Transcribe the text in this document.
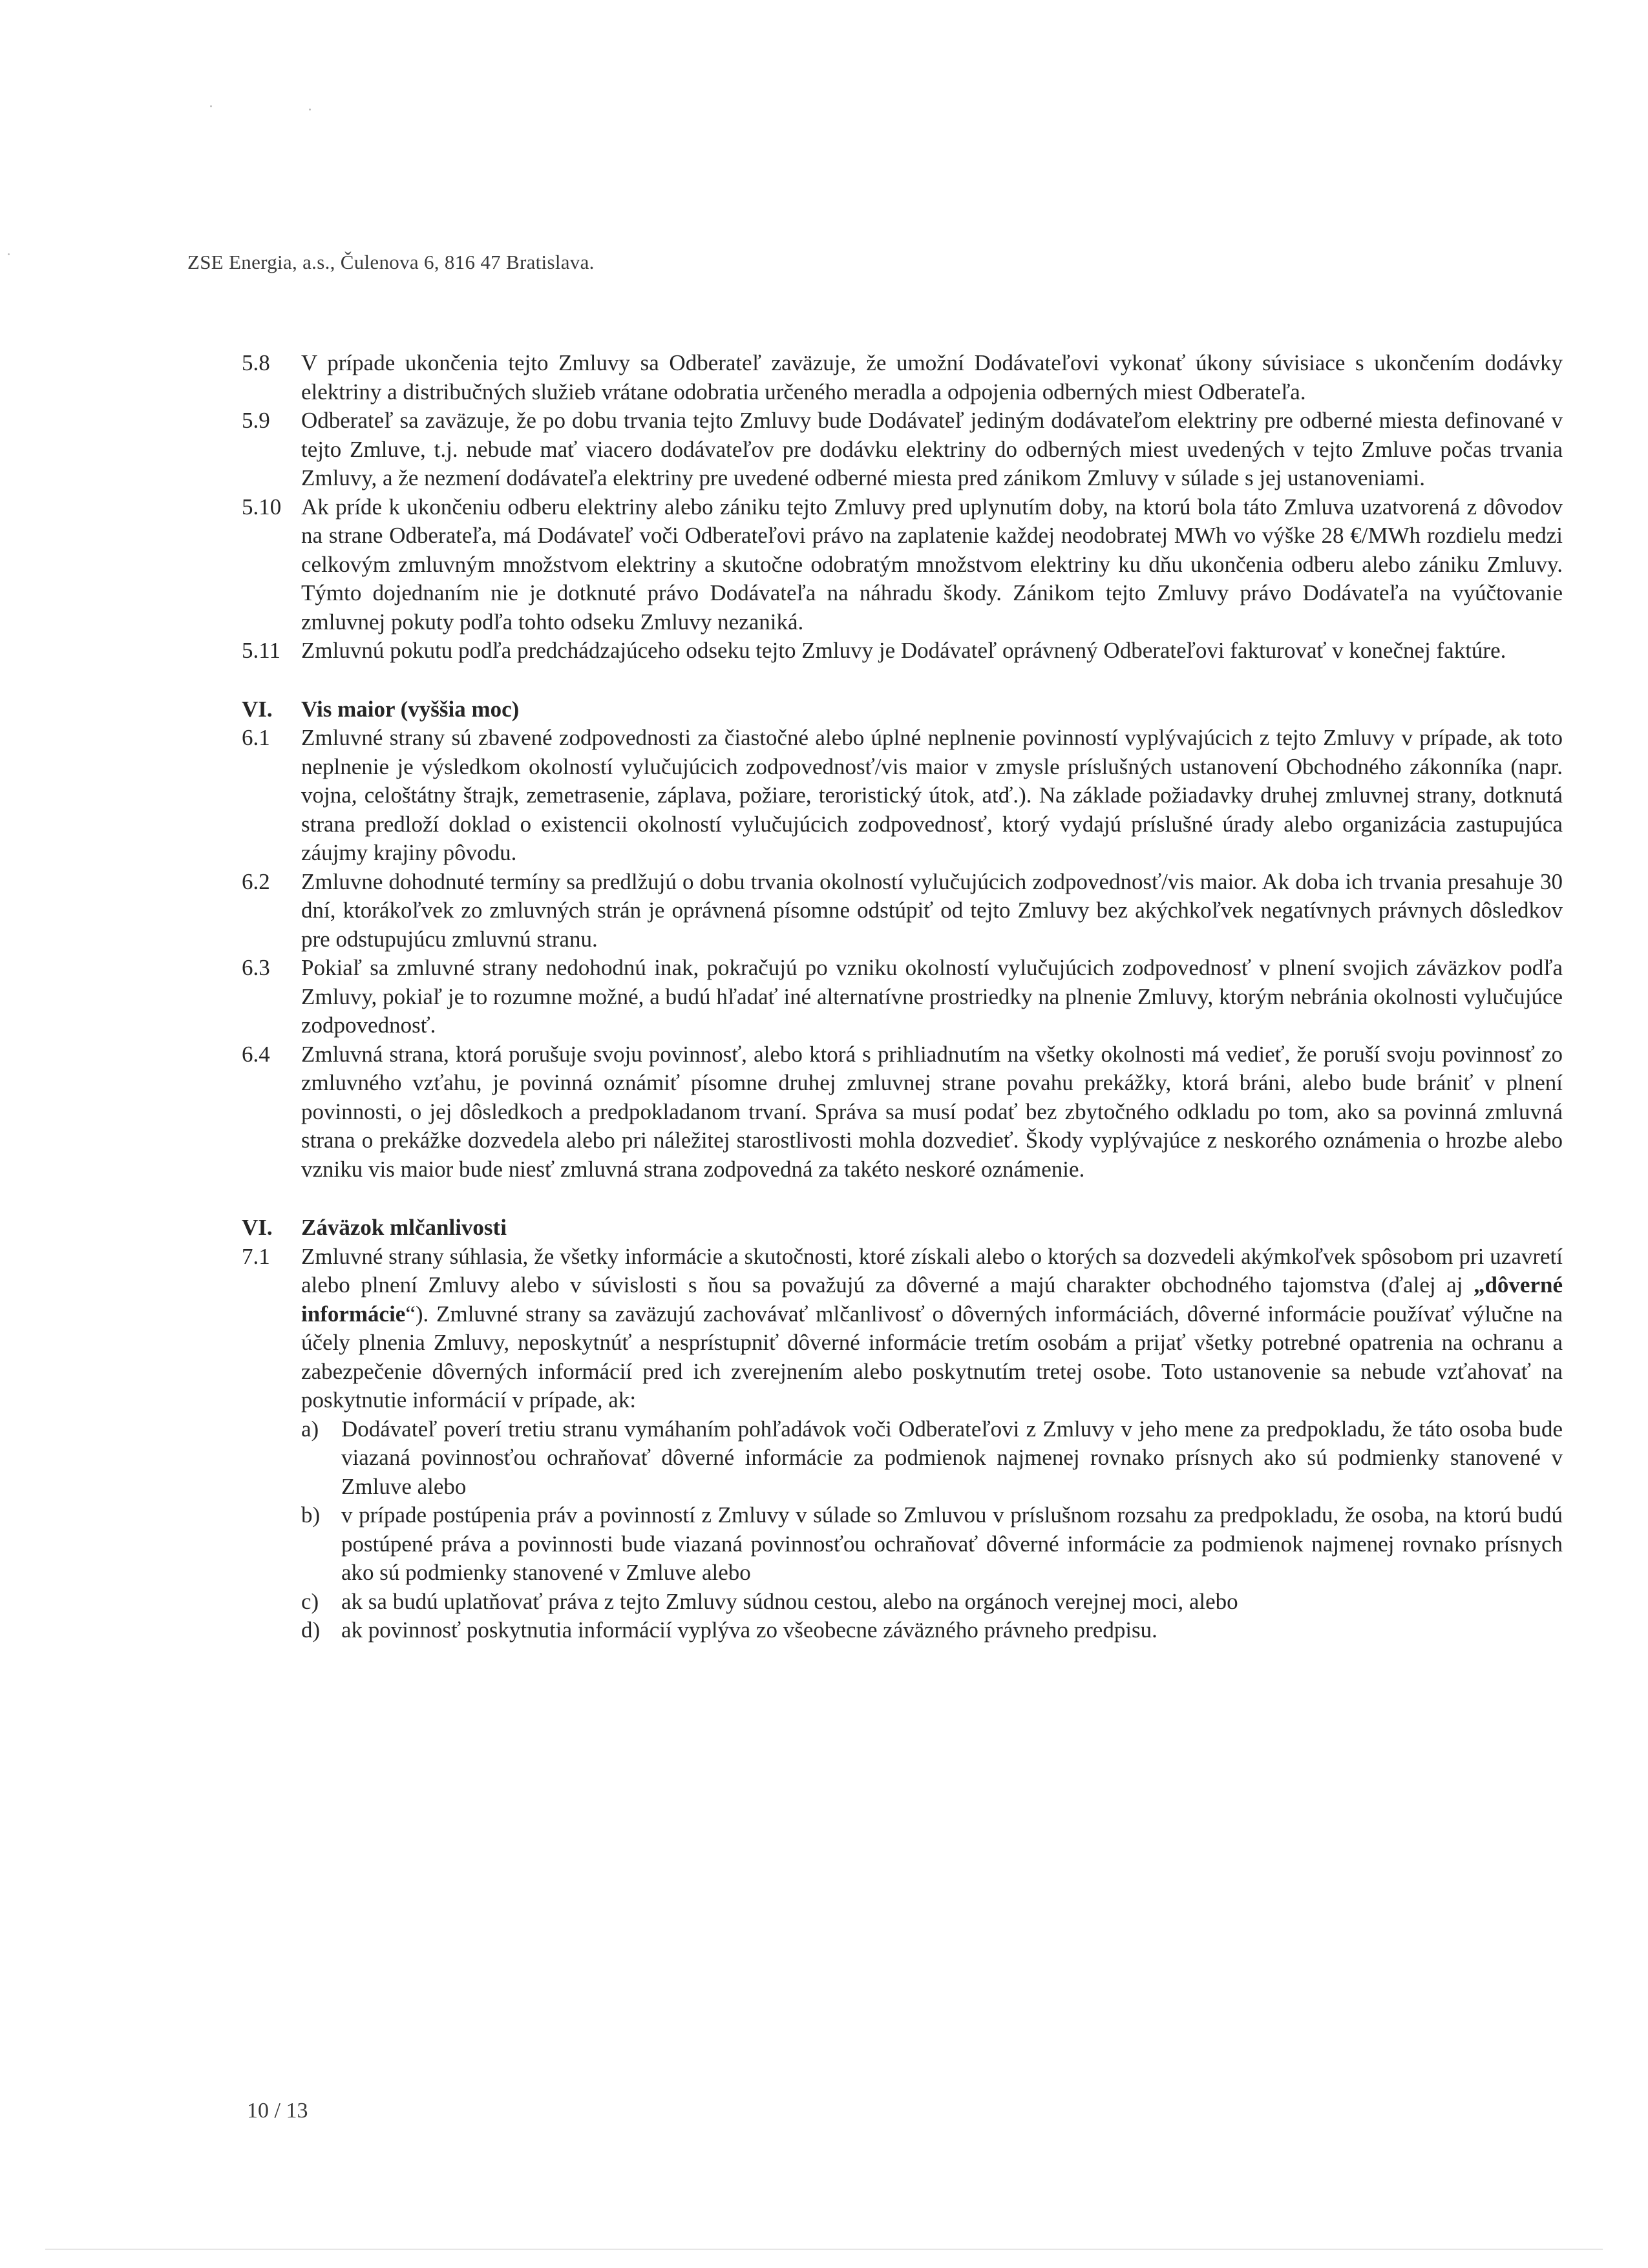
ZSE Energia, a.s., Čulenova 6, 816 47 Bratislava.
5.8 V prípade ukončenia tejto Zmluvy sa Odberateľ zaväzuje, že umožní Dodávateľovi vykonať úkony súvisiace s ukončením dodávky elektriny a distribučných služieb vrátane odobratia určeného meradla a odpojenia odberných miest Odberateľa.
5.9 Odberateľ sa zaväzuje, že po dobu trvania tejto Zmluvy bude Dodávateľ jediným dodávateľom elektriny pre odberné miesta definované v tejto Zmluve, t.j. nebude mať viacero dodávateľov pre dodávku elektriny do odberných miest uvedených v tejto Zmluve počas trvania Zmluvy, a že nezmení dodávateľa elektriny pre uvedené odberné miesta pred zánikom Zmluvy v súlade s jej ustanoveniami.
5.10 Ak príde k ukončeniu odberu elektriny alebo zániku tejto Zmluvy pred uplynutím doby, na ktorú bola táto Zmluva uzatvorená z dôvodov na strane Odberateľa, má Dodávateľ voči Odberateľovi právo na zaplatenie každej neodobratej MWh vo výške 28 €/MWh rozdielu medzi celkovým zmluvným množstvom elektriny a skutočne odobratým množstvom elektriny ku dňu ukončenia odberu alebo zániku Zmluvy. Týmto dojednaním nie je dotknuté právo Dodávateľa na náhradu škody. Zánikom tejto Zmluvy právo Dodávateľa na vyúčtovanie zmluvnej pokuty podľa tohto odseku Zmluvy nezaniká.
5.11 Zmluvnú pokutu podľa predchádzajúceho odseku tejto Zmluvy je Dodávateľ oprávnený Odberateľovi fakturovať v konečnej faktúre.
VI. Vis maior (vyššia moc)
6.1 Zmluvné strany sú zbavené zodpovednosti za čiastočné alebo úplné neplnenie povinností vyplývajúcich z tejto Zmluvy v prípade, ak toto neplnenie je výsledkom okolností vylučujúcich zodpovednosť/vis maior v zmysle príslušných ustanovení Obchodného zákonníka (napr. vojna, celoštátny štrajk, zemetrasenie, záplava, požiare, teroristický útok, atď.). Na základe požiadavky druhej zmluvnej strany, dotknutá strana predloží doklad o existencii okolností vylučujúcich zodpovednosť, ktorý vydajú príslušné úrady alebo organizácia zastupujúca záujmy krajiny pôvodu.
6.2 Zmluvne dohodnuté termíny sa predlžujú o dobu trvania okolností vylučujúcich zodpovednosť/vis maior. Ak doba ich trvania presahuje 30 dní, ktorákoľvek zo zmluvných strán je oprávnená písomne odstúpiť od tejto Zmluvy bez akýchkoľvek negatívnych právnych dôsledkov pre odstupujúcu zmluvnú stranu.
6.3 Pokiaľ sa zmluvné strany nedohodnú inak, pokračujú po vzniku okolností vylučujúcich zodpovednosť v plnení svojich záväzkov podľa Zmluvy, pokiaľ je to rozumne možné, a budú hľadať iné alternatívne prostriedky na plnenie Zmluvy, ktorým nebránia okolnosti vylučujúce zodpovednosť.
6.4 Zmluvná strana, ktorá porušuje svoju povinnosť, alebo ktorá s prihliadnutím na všetky okolnosti má vedieť, že poruší svoju povinnosť zo zmluvného vzťahu, je povinná oznámiť písomne druhej zmluvnej strane povahu prekážky, ktorá bráni, alebo bude brániť v plnení povinnosti, o jej dôsledkoch a predpokladanom trvaní. Správa sa musí podať bez zbytočného odkladu po tom, ako sa povinná zmluvná strana o prekážke dozvedela alebo pri náležitej starostlivosti mohla dozvedieť. Škody vyplývajúce z neskorého oznámenia o hrozbe alebo vzniku vis maior bude niesť zmluvná strana zodpovedná za takéto neskoré oznámenie.
VI. Záväzok mlčanlivosti
7.1 Zmluvné strany súhlasia, že všetky informácie a skutočnosti, ktoré získali alebo o ktorých sa dozvedeli akýmkoľvek spôsobom pri uzavretí alebo plnení Zmluvy alebo v súvislosti s ňou sa považujú za dôverné a majú charakter obchodného tajomstva (ďalej aj „dôverné informácie“). Zmluvné strany sa zaväzujú zachovávať mlčanlivosť o dôverných informáciách, dôverné informácie používať výlučne na účely plnenia Zmluvy, neposkytnúť a nesprístupniť dôverné informácie tretím osobám a prijať všetky potrebné opatrenia na ochranu a zabezpečenie dôverných informácií pred ich zverejnením alebo poskytnutím tretej osobe. Toto ustanovenie sa nebude vzťahovať na poskytnutie informácií v prípade, ak:
a) Dodávateľ poverí tretiu stranu vymáhaním pohľadávok voči Odberateľovi z Zmluvy v jeho mene za predpokladu, že táto osoba bude viazaná povinnosťou ochraňovať dôverné informácie za podmienok najmenej rovnako prísnych ako sú podmienky stanovené v Zmluve alebo
b) v prípade postúpenia práv a povinností z Zmluvy v súlade so Zmluvou v príslušnom rozsahu za predpokladu, že osoba, na ktorú budú postúpené práva a povinnosti bude viazaná povinnosťou ochraňovať dôverné informácie za podmienok najmenej rovnako prísnych ako sú podmienky stanovené v Zmluve alebo
c) ak sa budú uplatňovať práva z tejto Zmluvy súdnou cestou, alebo na orgánoch verejnej moci, alebo
d) ak povinnosť poskytnutia informácií vyplýva zo všeobecne záväzného právneho predpisu.
10 / 13
